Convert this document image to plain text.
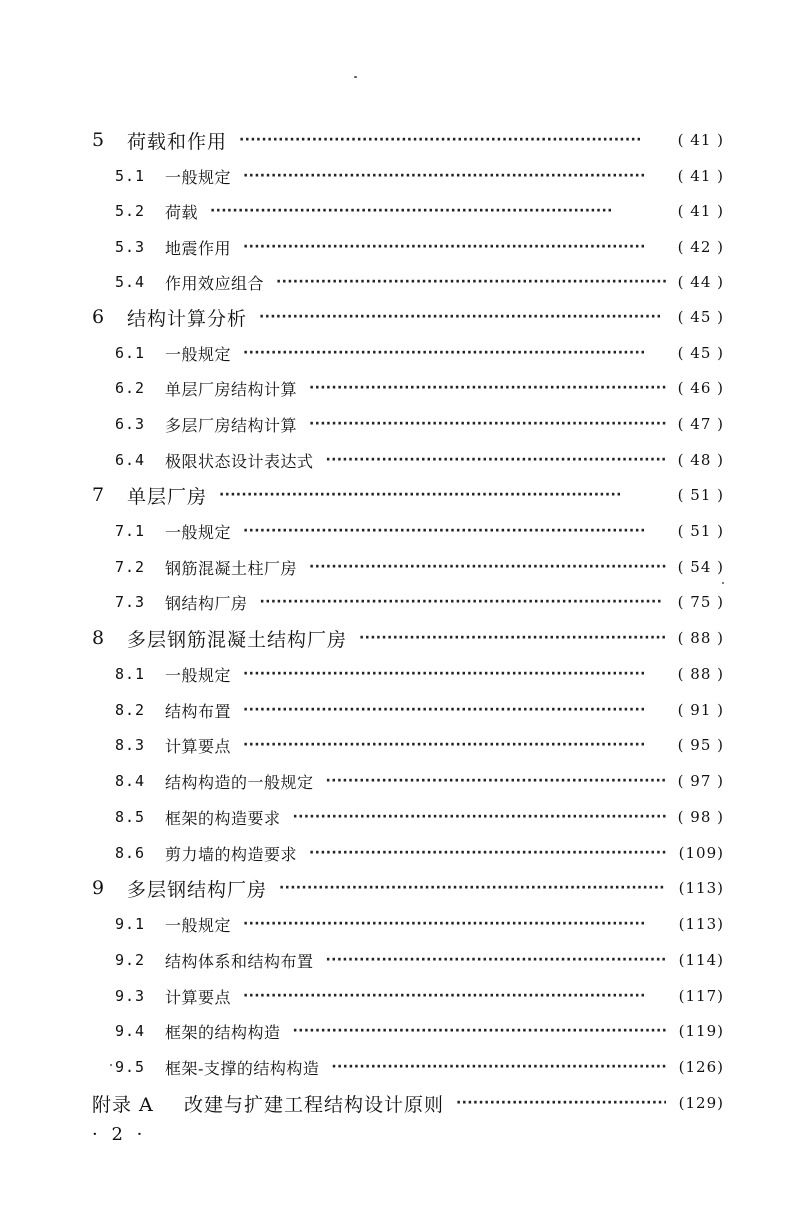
5 荷载和作用 · · ·	( 41 )
5.1 一般规定 · · ·	( 41 )
5.2 荷载 · · ·	( 41 )
5.3 地震作用 · · ·	( 42 )
5.4 作用效应组合 · · ·	( 44 )
6 结构计算分析 · · ·	( 45 )
6.1 一般规定 · · ·	( 45 )
6.2 单层厂房结构计算 · · ·	( 46 )
6.3 多层厂房结构计算 · · ·	( 47 )
6.4 极限状态设计表达式 · · ·	( 48 )
7 单层厂房 · · ·	( 51 )
7.1 一般规定 · · ·	( 51 )
7.2 钢筋混凝土柱厂房 · · ·	( 54 )
7.3 钢结构厂房 · · ·	( 75 )
8 多层钢筋混凝土结构厂房 · · ·	( 88 )
8.1 一般规定 · · ·	( 88 )
8.2 结构布置 · · ·	( 91 )
8.3 计算要点 · · ·	( 95 )
8.4 结构构造的一般规定 · · ·	( 97 )
8.5 框架的构造要求 · · ·	( 98 )
8.6 剪力墙的构造要求 · · ·	(109)
9 多层钢结构厂房 · · ·	(113)
9.1 一般规定 · · ·	(113)
9.2 结构体系和结构布置 · · ·	(114)
9.3 计算要点 · · ·	(117)
9.4 框架的结构构造 · · ·	(119)
9.5 框架-支撑的结构构造 · · ·	(126)
附录 A 改建与扩建工程结构设计原则 · · ·	(129)
· 2 ·
